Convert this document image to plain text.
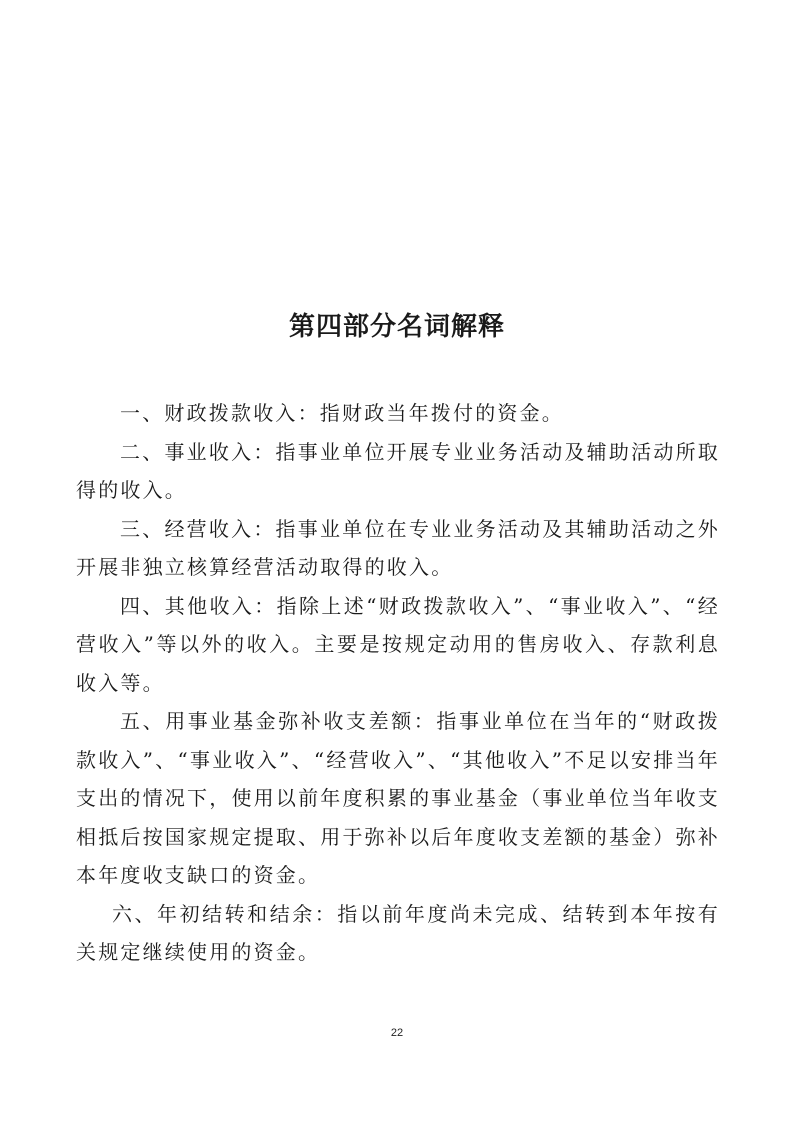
第四部分名词解释

一、财政拨款收入：指财政当年拨付的资金。

二、事业收入：指事业单位开展专业业务活动及辅助活动所取得的收入。

三、经营收入：指事业单位在专业业务活动及其辅助活动之外开展非独立核算经营活动取得的收入。

四、其他收入：指除上述“财政拨款收入”、“事业收入”、“经营收入”等以外的收入。主要是按规定动用的售房收入、存款利息收入等。

五、用事业基金弥补收支差额：指事业单位在当年的“财政拨款收入”、“事业收入”、“经营收入”、“其他收入”不足以安排当年支出的情况下，使用以前年度积累的事业基金（事业单位当年收支相抵后按国家规定提取、用于弥补以后年度收支差额的基金）弥补本年度收支缺口的资金。

六、年初结转和结余：指以前年度尚未完成、结转到本年按有关规定继续使用的资金。

22
